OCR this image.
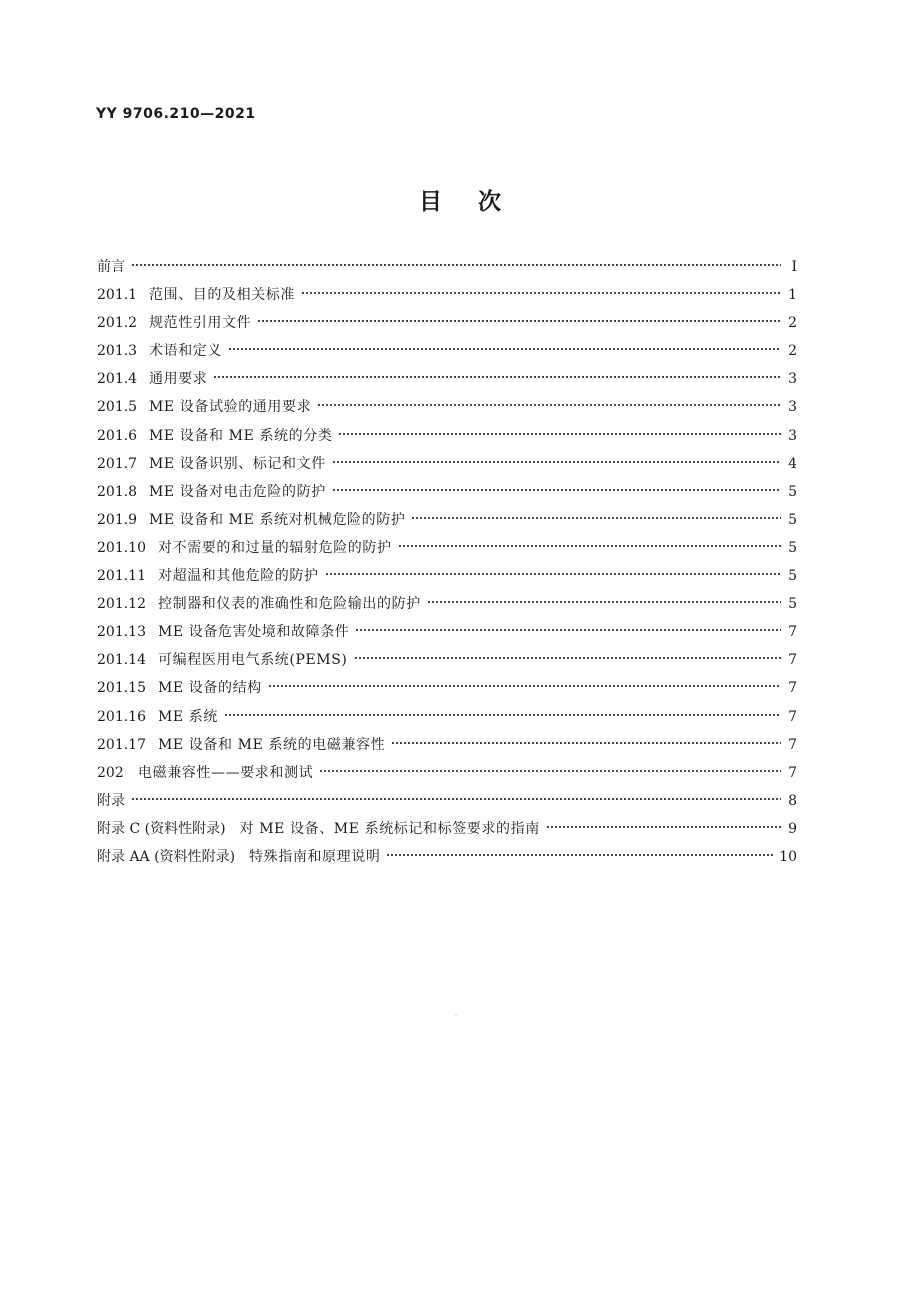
YY 9706.210—2021
目次
前言	Ⅰ
201.1 范围、目的及相关标准	1
201.2 规范性引用文件	2
201.3 术语和定义	2
201.4 通用要求	3
201.5 ME 设备试验的通用要求	3
201.6 ME 设备和 ME 系统的分类	3
201.7 ME 设备识别、标记和文件	4
201.8 ME 设备对电击危险的防护	5
201.9 ME 设备和 ME 系统对机械危险的防护	5
201.10 对不需要的和过量的辐射危险的防护	5
201.11 对超温和其他危险的防护	5
201.12 控制器和仪表的准确性和危险输出的防护	5
201.13 ME 设备危害处境和故障条件	7
201.14 可编程医用电气系统(PEMS)	7
201.15 ME 设备的结构	7
201.16 ME 系统	7
201.17 ME 设备和 ME 系统的电磁兼容性	7
202	电磁兼容性——要求和测试	7
附录	8
附录 C (资料性附录) 对 ME 设备、ME 系统标记和标签要求的指南	9
附录 AA (资料性附录) 特殊指南和原理说明	10
